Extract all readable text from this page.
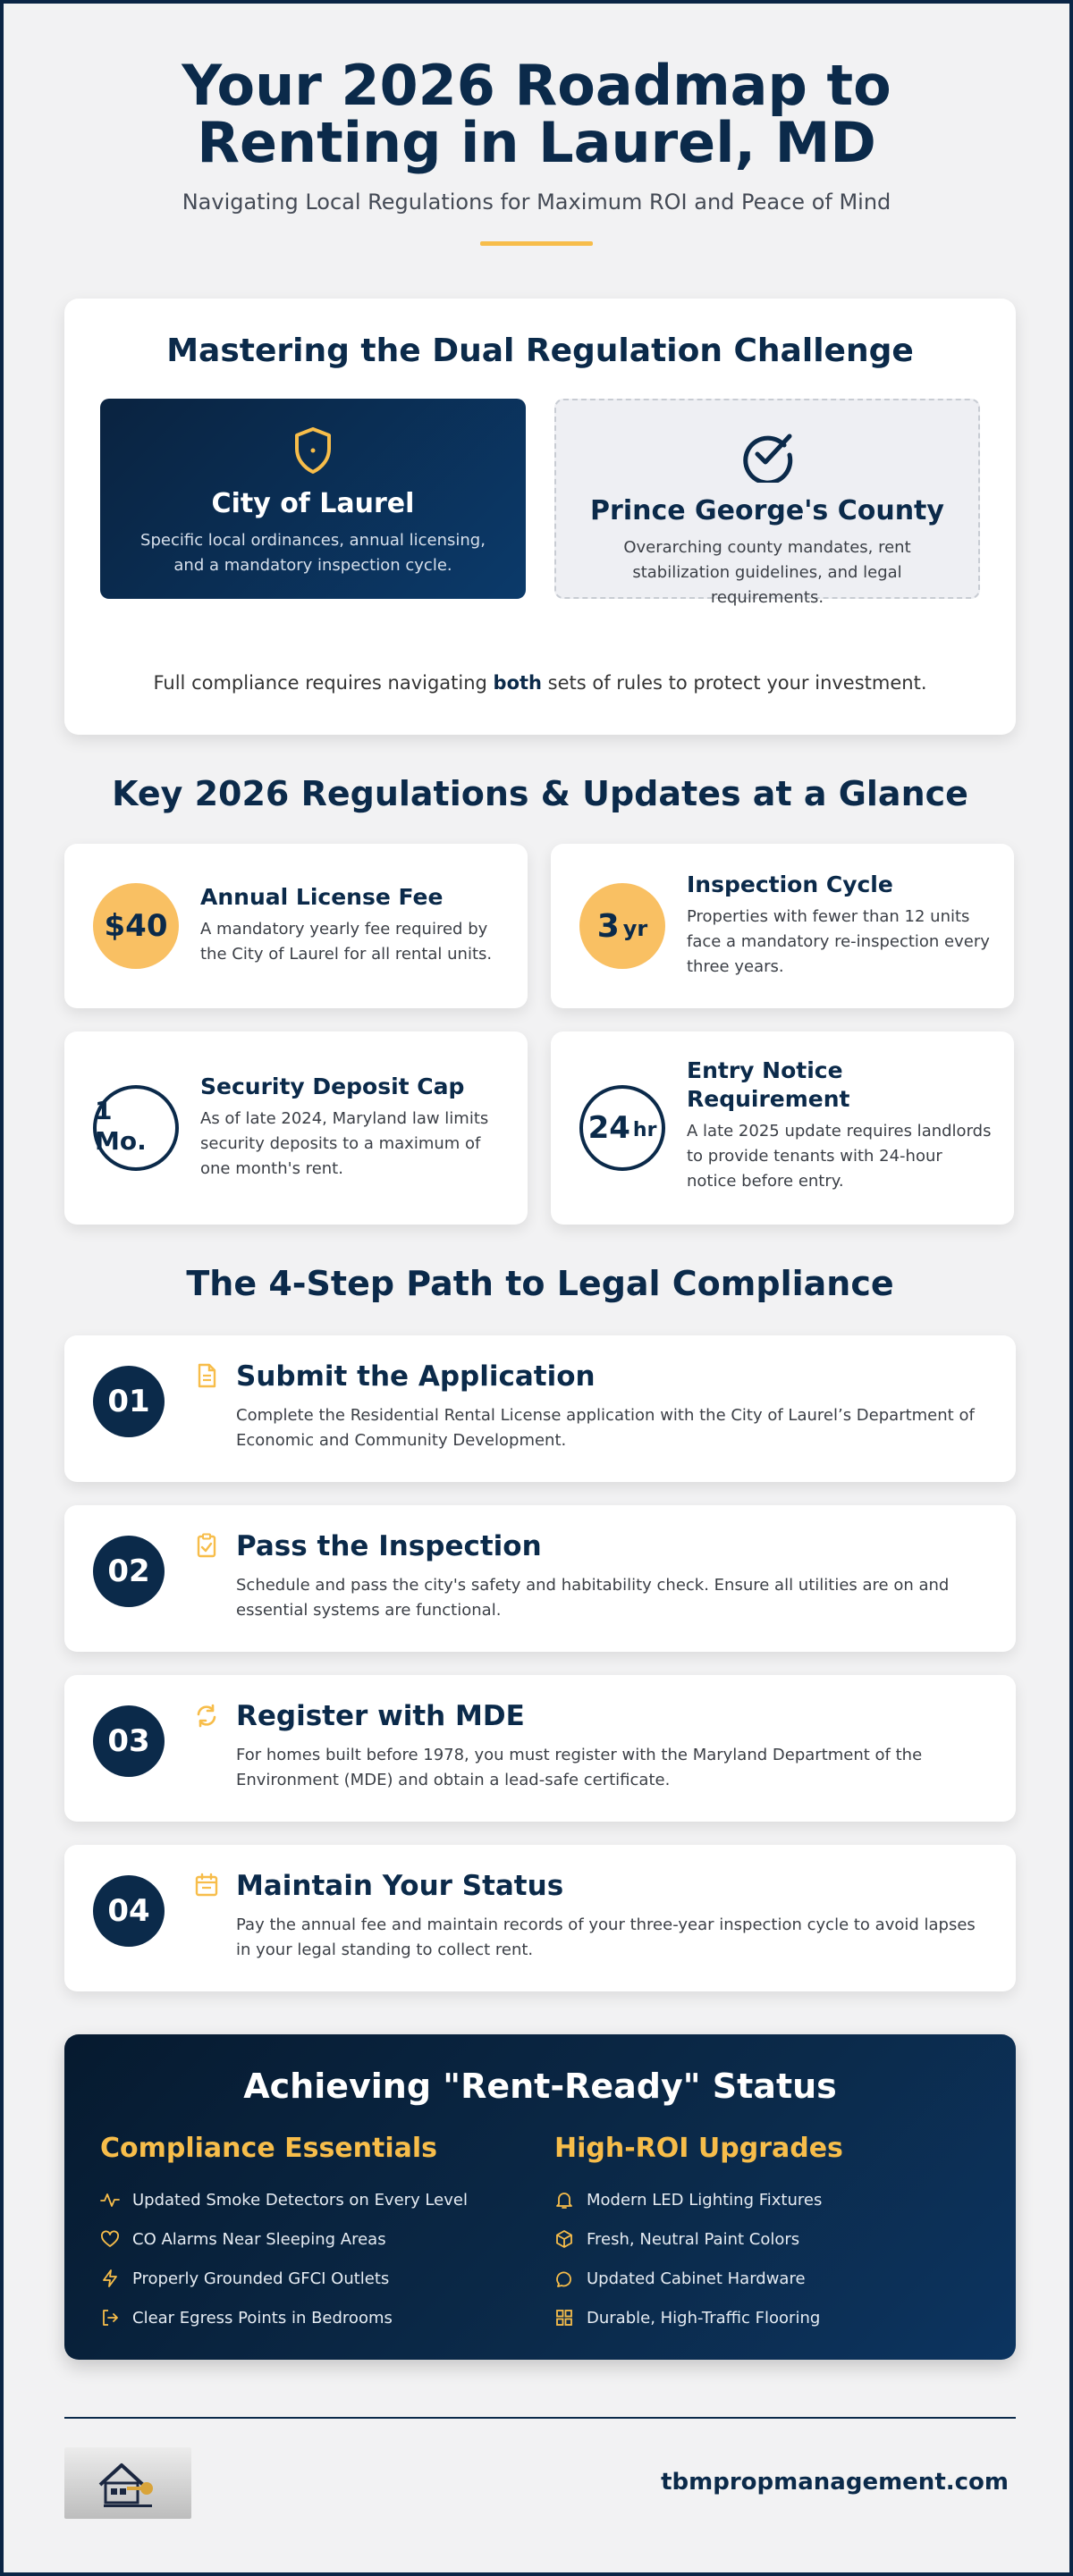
Your 2026 Roadmap to Renting in Laurel, MD
Navigating Local Regulations for Maximum ROI and Peace of Mind
Mastering the Dual Regulation Challenge
City of Laurel
Specific local ordinances, annual licensing, and a mandatory inspection cycle.
Prince George's County
Overarching county mandates, rent stabilization guidelines, and legal requirements.
Full compliance requires navigating both sets of rules to protect your investment.
Key 2026 Regulations & Updates at a Glance
$40
Annual License Fee
A mandatory yearly fee required by the City of Laurel for all rental units.
3 yr
Inspection Cycle
Properties with fewer than 12 units face a mandatory re-inspection every three years.
1 Mo.
Security Deposit Cap
As of late 2024, Maryland law limits security deposits to a maximum of one month's rent.
24 hr
Entry Notice Requirement
A late 2025 update requires landlords to provide tenants with 24-hour notice before entry.
The 4-Step Path to Legal Compliance
01
Submit the Application
Complete the Residential Rental License application with the City of Laurel’s Department of Economic and Community Development.
02
Pass the Inspection
Schedule and pass the city's safety and habitability check. Ensure all utilities are on and essential systems are functional.
03
Register with MDE
For homes built before 1978, you must register with the Maryland Department of the Environment (MDE) and obtain a lead-safe certificate.
04
Maintain Your Status
Pay the annual fee and maintain records of your three-year inspection cycle to avoid lapses in your legal standing to collect rent.
Achieving "Rent-Ready" Status
Compliance Essentials
Updated Smoke Detectors on Every Level
CO Alarms Near Sleeping Areas
Properly Grounded GFCI Outlets
Clear Egress Points in Bedrooms
High-ROI Upgrades
Modern LED Lighting Fixtures
Fresh, Neutral Paint Colors
Updated Cabinet Hardware
Durable, High-Traffic Flooring
tbmpropmanagement.com
